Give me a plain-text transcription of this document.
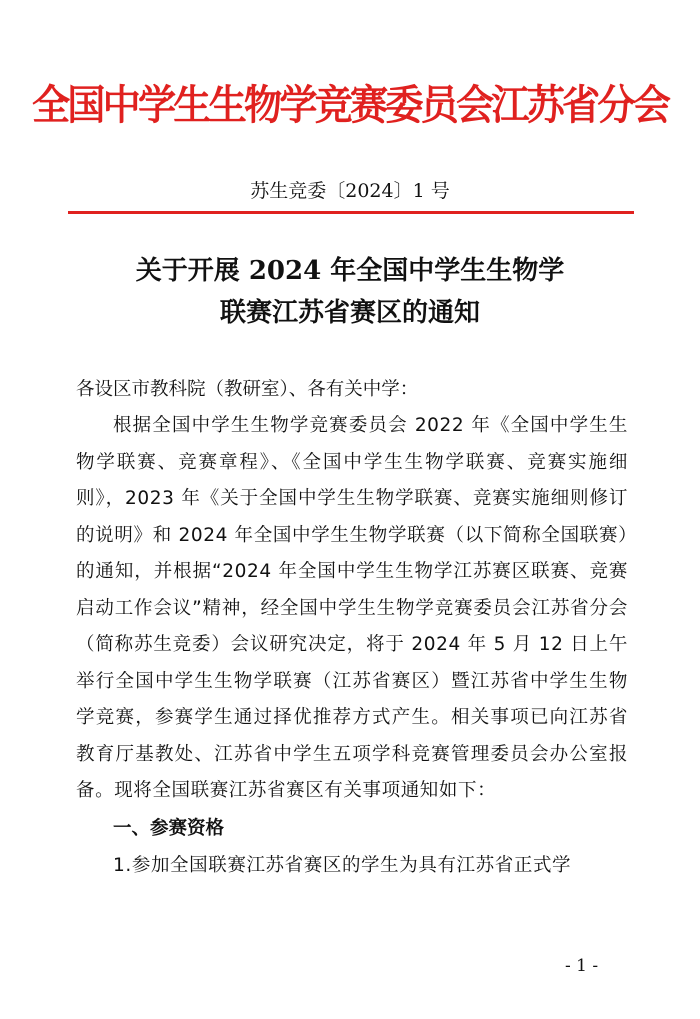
全国中学生生物学竞赛委员会江苏省分会
苏生竞委〔2024〕1 号
关于开展 2024 年全国中学生生物学
联赛江苏省赛区的通知

各设区市教科院（教研室）、各有关中学：

根据全国中学生生物学竞赛委员会 2022 年《全国中学生生物学联赛、竞赛章程》、《全国中学生生物学联赛、竞赛实施细则》，2023 年《关于全国中学生生物学联赛、竞赛实施细则修订的说明》和 2024 年全国中学生生物学联赛（以下简称全国联赛）的通知，并根据“2024 年全国中学生生物学江苏赛区联赛、竞赛启动工作会议”精神，经全国中学生生物学竞赛委员会江苏省分会（简称苏生竞委）会议研究决定，将于 2024 年 5 月 12 日上午举行全国中学生生物学联赛（江苏省赛区）暨江苏省中学生生物学竞赛，参赛学生通过择优推荐方式产生。相关事项已向江苏省教育厅基教处、江苏省中学生五项学科竞赛管理委员会办公室报备。现将全国联赛江苏省赛区有关事项通知如下：

一、参赛资格

1.参加全国联赛江苏省赛区的学生为具有江苏省正式学

- 1 -
